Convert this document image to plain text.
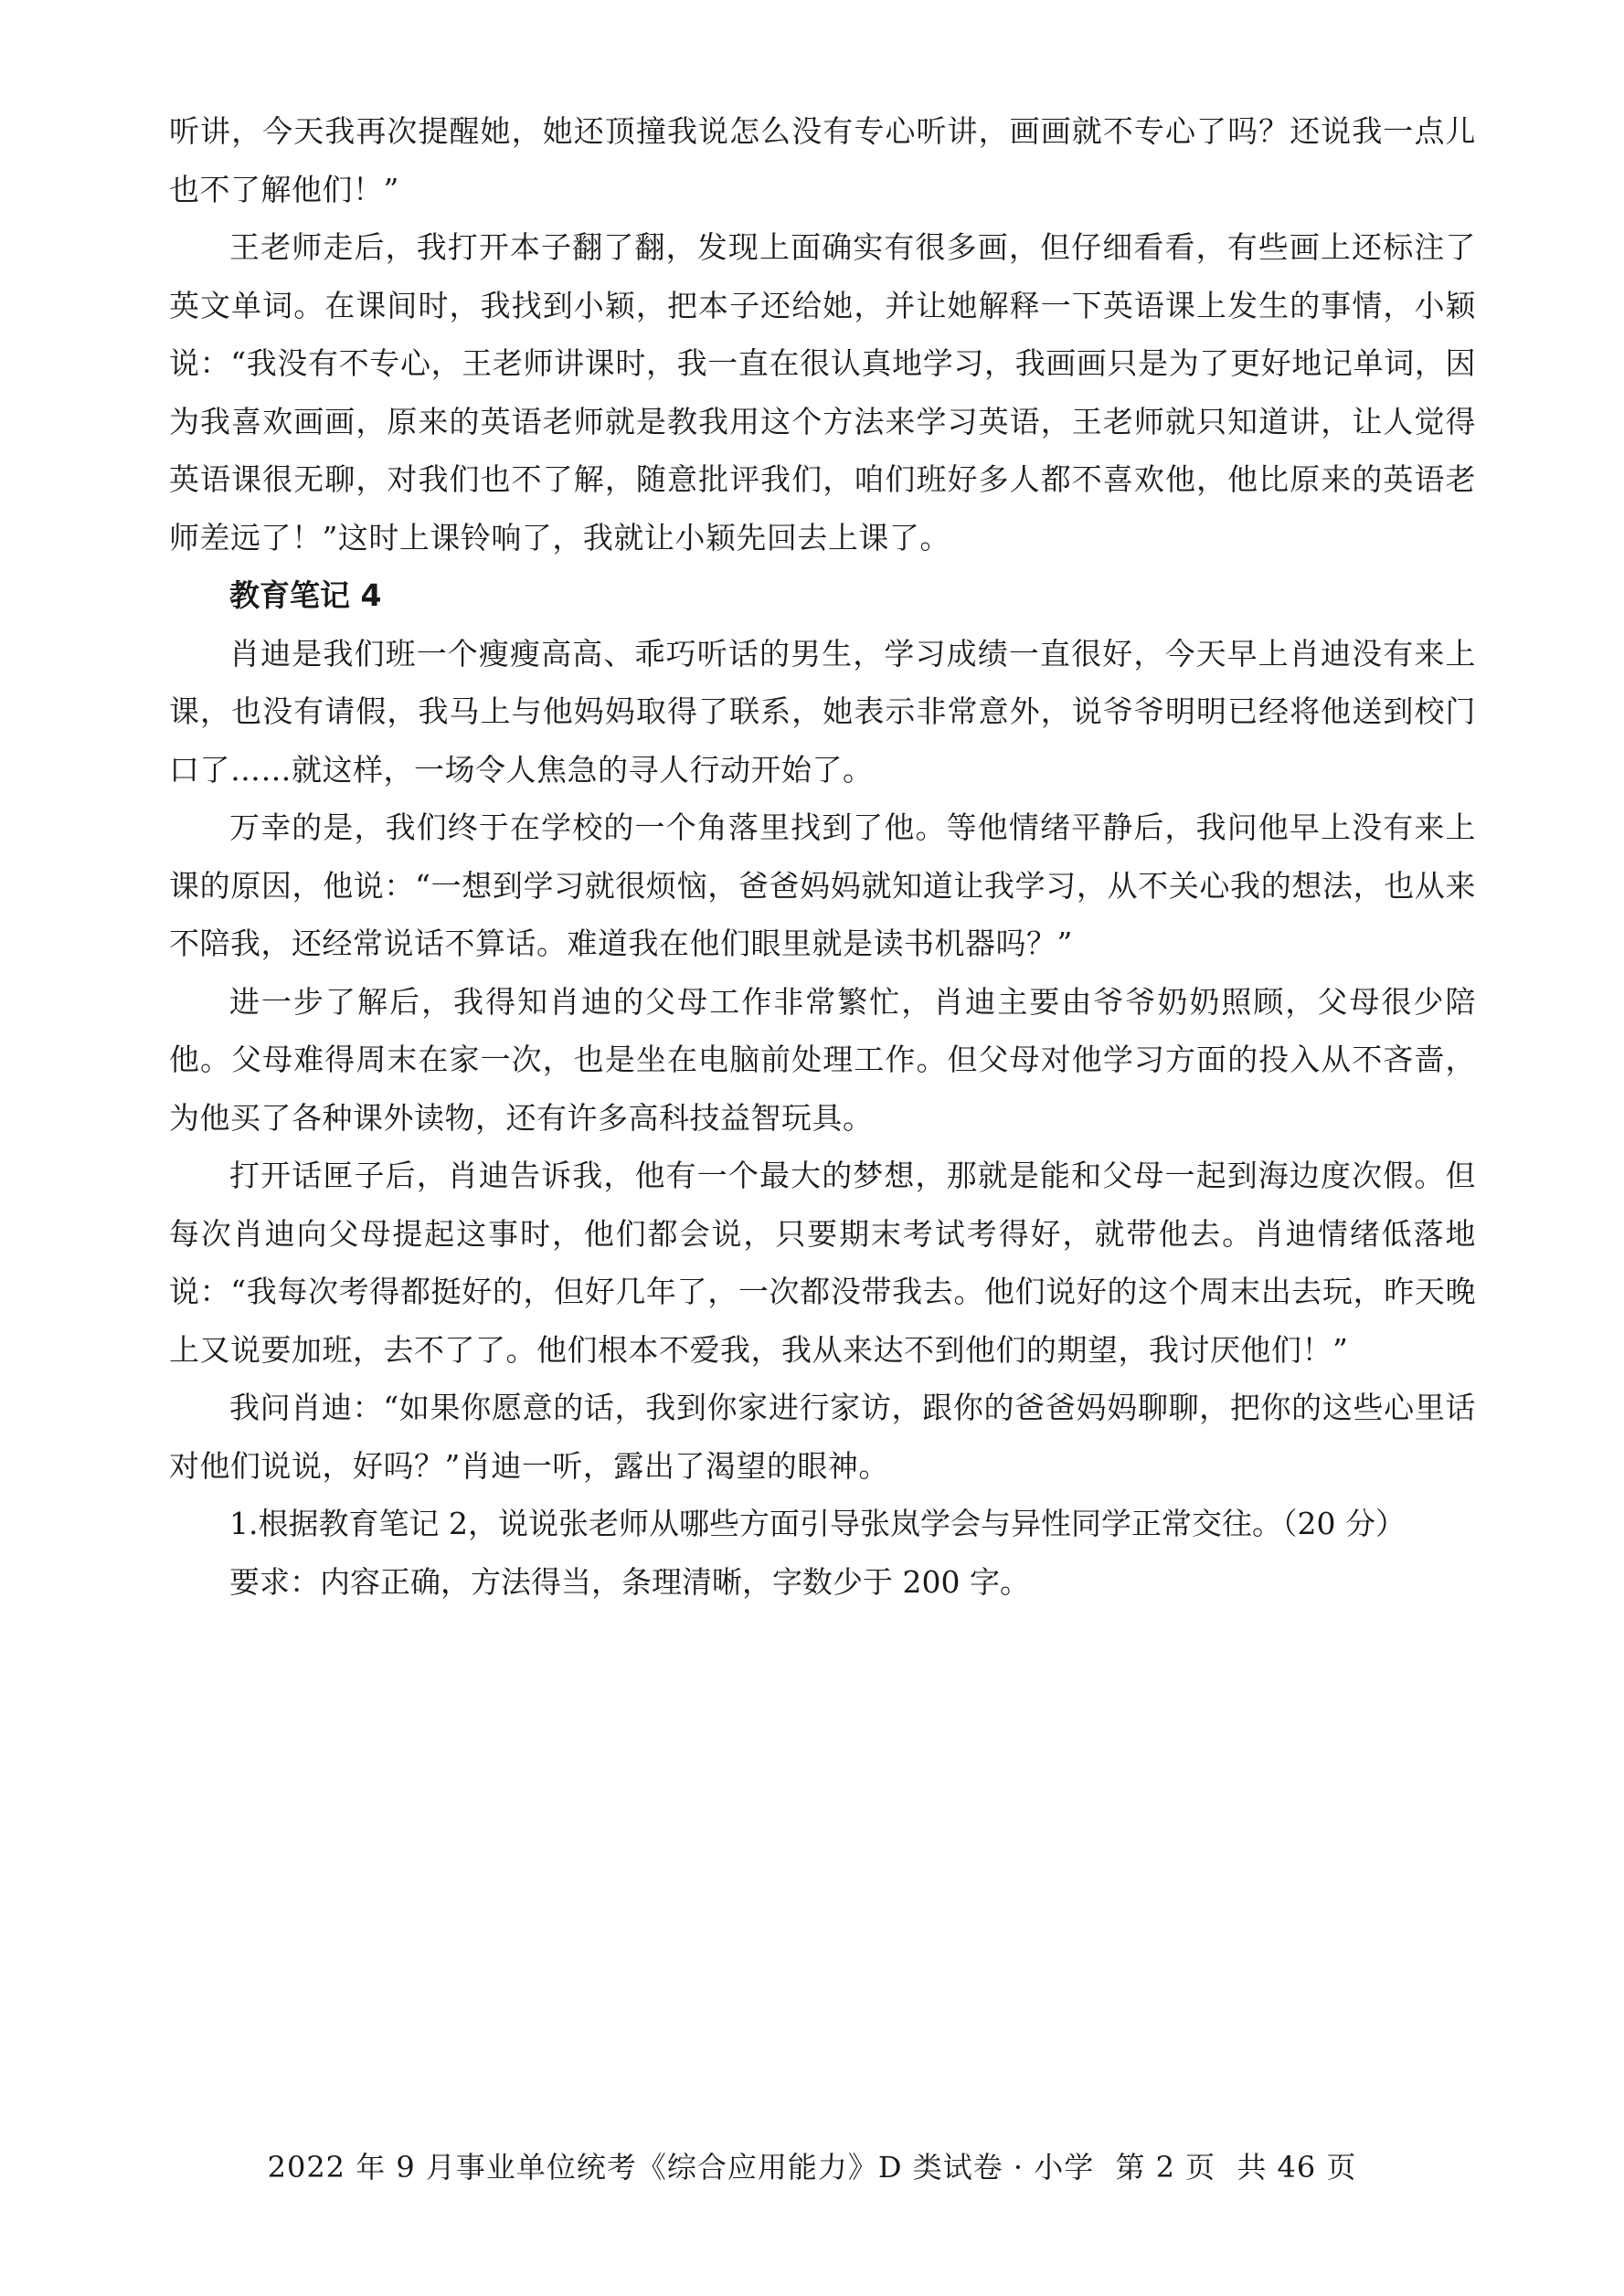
听讲，今天我再次提醒她，她还顶撞我说怎么没有专心听讲，画画就不专心了吗？还说我一点儿也不了解他们！”

王老师走后，我打开本子翻了翻，发现上面确实有很多画，但仔细看看，有些画上还标注了英文单词。在课间时，我找到小颖，把本子还给她，并让她解释一下英语课上发生的事情，小颖说：“我没有不专心，王老师讲课时，我一直在很认真地学习，我画画只是为了更好地记单词，因为我喜欢画画，原来的英语老师就是教我用这个方法来学习英语，王老师就只知道讲，让人觉得英语课很无聊，对我们也不了解，随意批评我们，咱们班好多人都不喜欢他，他比原来的英语老师差远了！”这时上课铃响了，我就让小颖先回去上课了。

教育笔记 4

肖迪是我们班一个瘦瘦高高、乖巧听话的男生，学习成绩一直很好，今天早上肖迪没有来上课，也没有请假，我马上与他妈妈取得了联系，她表示非常意外，说爷爷明明已经将他送到校门口了……就这样，一场令人焦急的寻人行动开始了。

万幸的是，我们终于在学校的一个角落里找到了他。等他情绪平静后，我问他早上没有来上课的原因，他说：“一想到学习就很烦恼，爸爸妈妈就知道让我学习，从不关心我的想法，也从来不陪我，还经常说话不算话。难道我在他们眼里就是读书机器吗？”

进一步了解后，我得知肖迪的父母工作非常繁忙，肖迪主要由爷爷奶奶照顾，父母很少陪他。父母难得周末在家一次，也是坐在电脑前处理工作。但父母对他学习方面的投入从不吝啬，为他买了各种课外读物，还有许多高科技益智玩具。

打开话匣子后，肖迪告诉我，他有一个最大的梦想，那就是能和父母一起到海边度次假。但每次肖迪向父母提起这事时，他们都会说，只要期末考试考得好，就带他去。肖迪情绪低落地说：“我每次考得都挺好的，但好几年了，一次都没带我去。他们说好的这个周末出去玩，昨天晚上又说要加班，去不了了。他们根本不爱我，我从来达不到他们的期望，我讨厌他们！”

我问肖迪：“如果你愿意的话，我到你家进行家访，跟你的爸爸妈妈聊聊，把你的这些心里话对他们说说，好吗？”肖迪一听，露出了渴望的眼神。

1.根据教育笔记 2，说说张老师从哪些方面引导张岚学会与异性同学正常交往。（20 分）

要求：内容正确，方法得当，条理清晰，字数少于 200 字。

2022 年 9 月事业单位统考《综合应用能力》D 类试卷 · 小学 第 2 页 共 46 页
